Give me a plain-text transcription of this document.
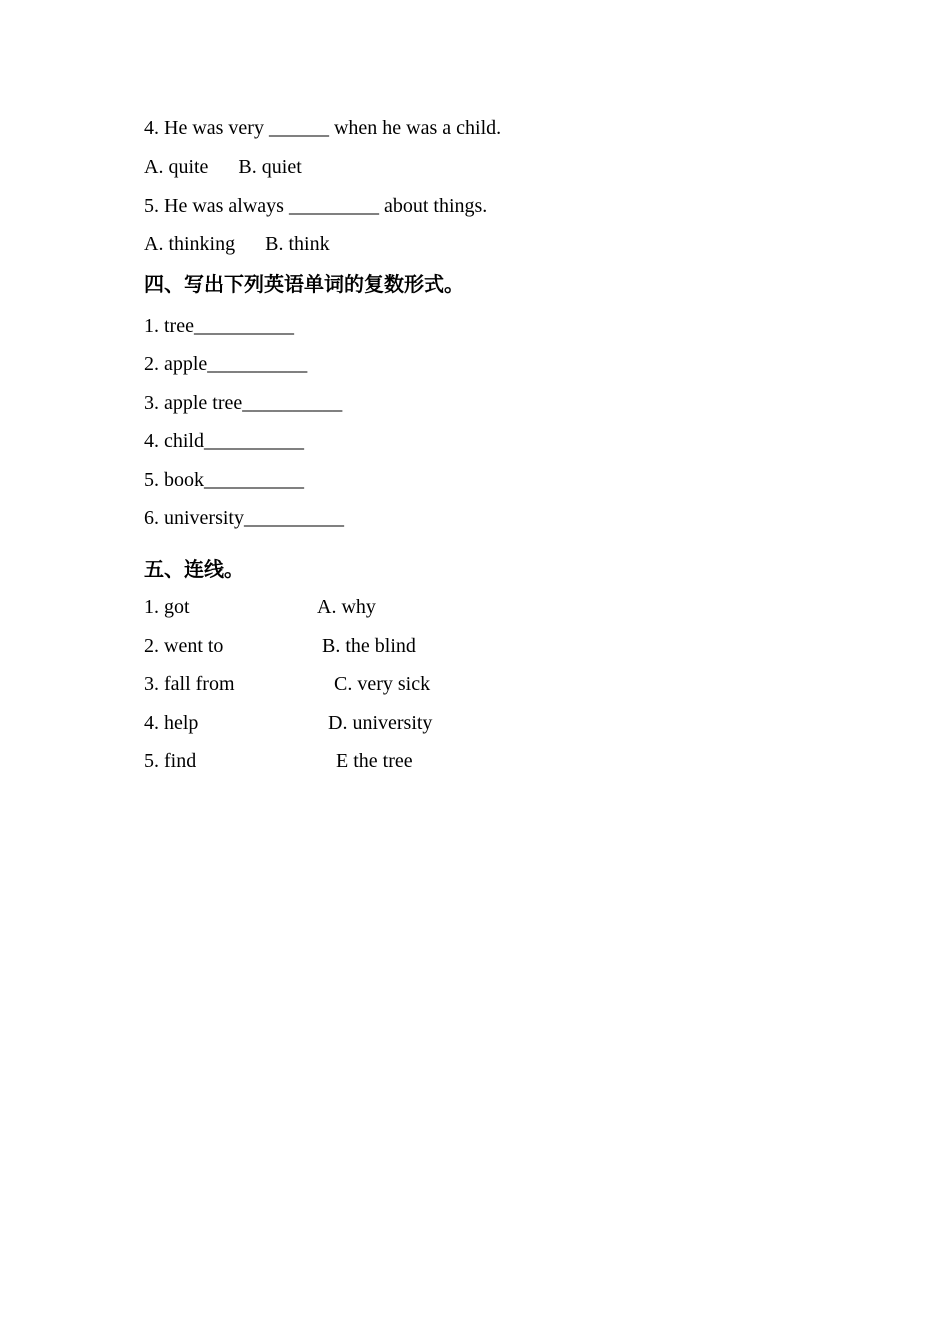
4. He was very ______ when he was a child.
A. quite      B. quiet
5. He was always _________ about things.
A. thinking      B. think
四、写出下列英语单词的复数形式。
1. tree__________
2. apple__________
3. apple tree__________
4. child__________
5. book__________
6. university__________
五、连线。
1. got	A. why
2. went to	B. the blind
3. fall from	C. very sick
4. help	D. university
5. find	E the tree
